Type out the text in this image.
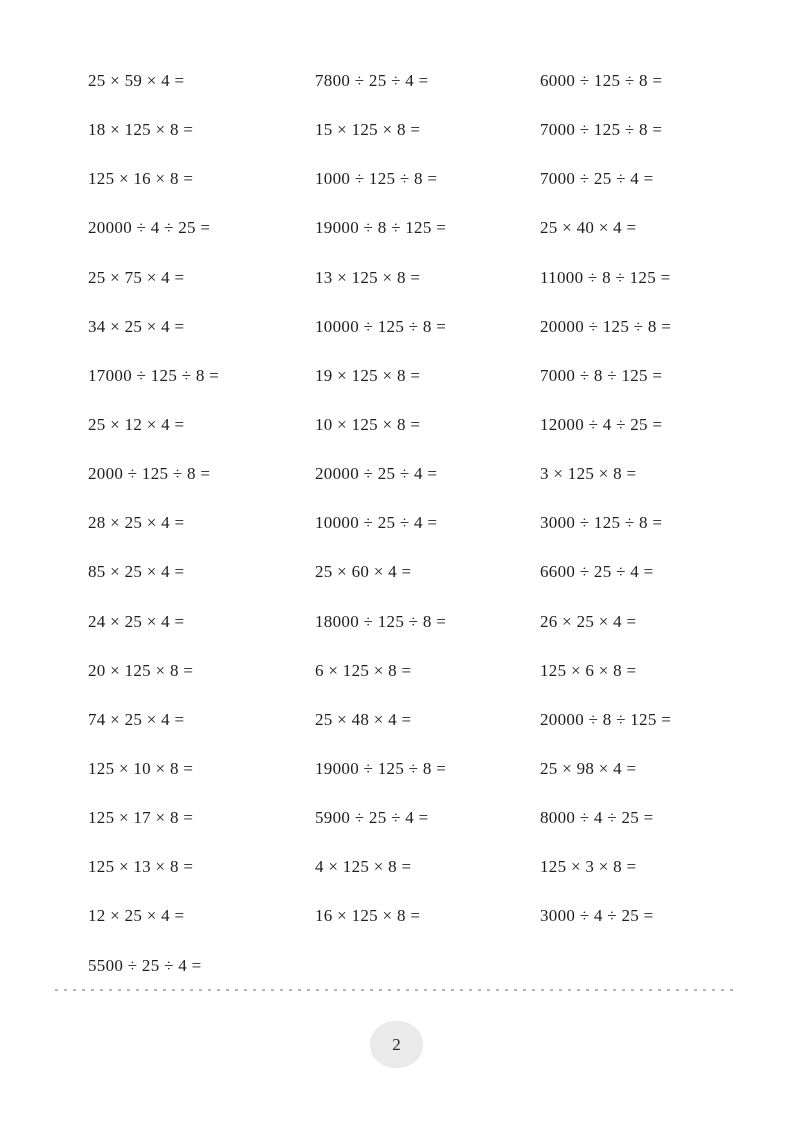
25 × 59 × 4 =	7800 ÷ 25 ÷ 4 =	6000 ÷ 125 ÷ 8 =
18 × 125 × 8 =	15 × 125 × 8 =	7000 ÷ 125 ÷ 8 =
125 × 16 × 8 =	1000 ÷ 125 ÷ 8 =	7000 ÷ 25 ÷ 4 =
20000 ÷ 4 ÷ 25 =	19000 ÷ 8 ÷ 125 =	25 × 40 × 4 =
25 × 75 × 4 =	13 × 125 × 8 =	11000 ÷ 8 ÷ 125 =
34 × 25 × 4 =	10000 ÷ 125 ÷ 8 =	20000 ÷ 125 ÷ 8 =
17000 ÷ 125 ÷ 8 =	19 × 125 × 8 =	7000 ÷ 8 ÷ 125 =
25 × 12 × 4 =	10 × 125 × 8 =	12000 ÷ 4 ÷ 25 =
2000 ÷ 125 ÷ 8 =	20000 ÷ 25 ÷ 4 =	3 × 125 × 8 =
28 × 25 × 4 =	10000 ÷ 25 ÷ 4 =	3000 ÷ 125 ÷ 8 =
85 × 25 × 4 =	25 × 60 × 4 =	6600 ÷ 25 ÷ 4 =
24 × 25 × 4 =	18000 ÷ 125 ÷ 8 =	26 × 25 × 4 =
20 × 125 × 8 =	6 × 125 × 8 =	125 × 6 × 8 =
74 × 25 × 4 =	25 × 48 × 4 =	20000 ÷ 8 ÷ 125 =
125 × 10 × 8 =	19000 ÷ 125 ÷ 8 =	25 × 98 × 4 =
125 × 17 × 8 =	5900 ÷ 25 ÷ 4 =	8000 ÷ 4 ÷ 25 =
125 × 13 × 8 =	4 × 125 × 8 =	125 × 3 × 8 =
12 × 25 × 4 =	16 × 125 × 8 =	3000 ÷ 4 ÷ 25 =
5500 ÷ 25 ÷ 4 =
2
